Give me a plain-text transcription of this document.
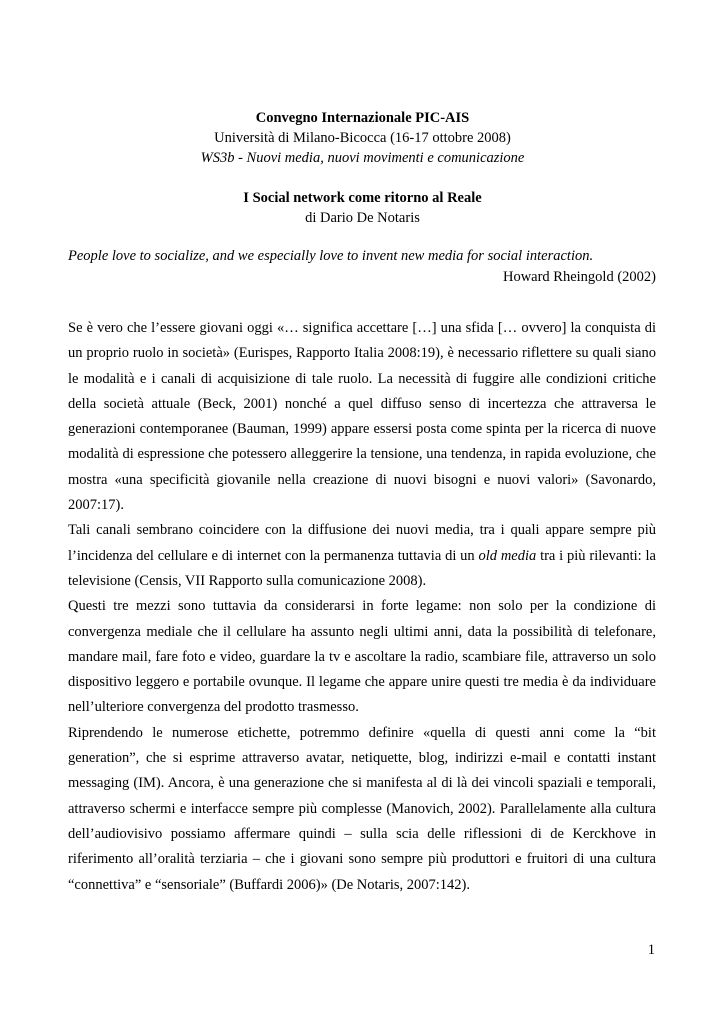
Convegno Internazionale PIC-AIS
Università di Milano-Bicocca (16-17 ottobre 2008)
WS3b - Nuovi media, nuovi movimenti e comunicazione
I Social network come ritorno al Reale
di Dario De Notaris
People love to socialize, and we especially love to invent new media for social interaction.
Howard Rheingold (2002)

Se è vero che l’essere giovani oggi «… significa accettare […] una sfida [… ovvero] la conquista di un proprio ruolo in società» (Eurispes, Rapporto Italia 2008:19), è necessario riflettere su quali siano le modalità e i canali di acquisizione di tale ruolo. La necessità di fuggire alle condizioni critiche della società attuale (Beck, 2001) nonché a quel diffuso senso di incertezza che attraversa le generazioni contemporanee (Bauman, 1999) appare essersi posta come spinta per la ricerca di nuove modalità di espressione che potessero alleggerire la tensione, una tendenza, in rapida evoluzione, che mostra «una specificità giovanile nella creazione di nuovi bisogni e nuovi valori» (Savonardo, 2007:17).

Tali canali sembrano coincidere con la diffusione dei nuovi media, tra i quali appare sempre più l’incidenza del cellulare e di internet con la permanenza tuttavia di un old media tra i più rilevanti: la televisione (Censis, VII Rapporto sulla comunicazione 2008).

Questi tre mezzi sono tuttavia da considerarsi in forte legame: non solo per la condizione di convergenza mediale che il cellulare ha assunto negli ultimi anni, data la possibilità di telefonare, mandare mail, fare foto e video, guardare la tv e ascoltare la radio, scambiare file, attraverso un solo dispositivo leggero e portabile ovunque. Il legame che appare unire questi tre media è da individuare nell’ulteriore convergenza del prodotto trasmesso.

Riprendendo le numerose etichette, potremmo definire «quella di questi anni come la “bit generation”, che si esprime attraverso avatar, netiquette, blog, indirizzi e-mail e contatti instant messaging (IM). Ancora, è una generazione che si manifesta al di là dei vincoli spaziali e temporali, attraverso schermi e interfacce sempre più complesse (Manovich, 2002). Parallelamente alla cultura dell’audiovisivo possiamo affermare quindi – sulla scia delle riflessioni di de Kerckhove in riferimento all’oralità terziaria – che i giovani sono sempre più produttori e fruitori di una cultura “connettiva” e “sensoriale” (Buffardi 2006)» (De Notaris, 2007:142).

1
